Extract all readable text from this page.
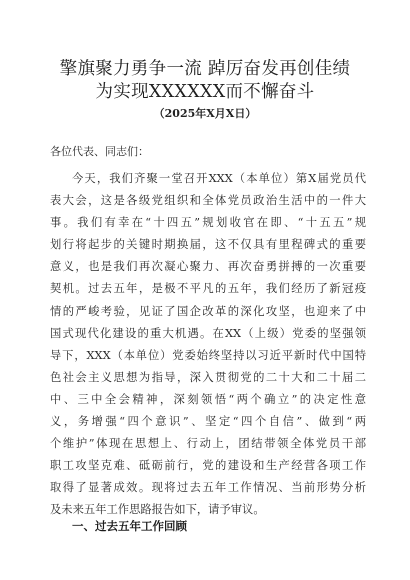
擎旗聚力勇争一流 踔厉奋发再创佳绩
为实现XXXXXX而不懈奋斗
（2025年X月X日）
各位代表、同志们：
今天，我们齐聚一堂召开XXX（本单位）第X届党员代
表大会，这是各级党组织和全体党员政治生活中的一件大
事。我们有幸在“十四五”规划收官在即、“十五五”规
划行将起步的关键时期换届，这不仅具有里程碑式的重要
意义，也是我们再次凝心聚力、再次奋勇拼搏的一次重要
契机。过去五年，是极不平凡的五年，我们经历了新冠疫
情的严峻考验，见证了国企改革的深化攻坚，也迎来了中
国式现代化建设的重大机遇。在XX（上级）党委的坚强领
导下，XXX（本单位）党委始终坚持以习近平新时代中国特
色社会主义思想为指导，深入贯彻党的二十大和二十届二
中、三中全会精神，深刻领悟“两个确立”的决定性意
义，务增强“四个意识”、坚定“四个自信”、做到“两
个维护”体现在思想上、行动上，团结带领全体党员干部
职工攻坚克难、砥砺前行，党的建设和生产经营各项工作
取得了显著成效。现将过去五年工作情况、当前形势分析
及未来五年工作思路报告如下，请予审议。
一、过去五年工作回顾
